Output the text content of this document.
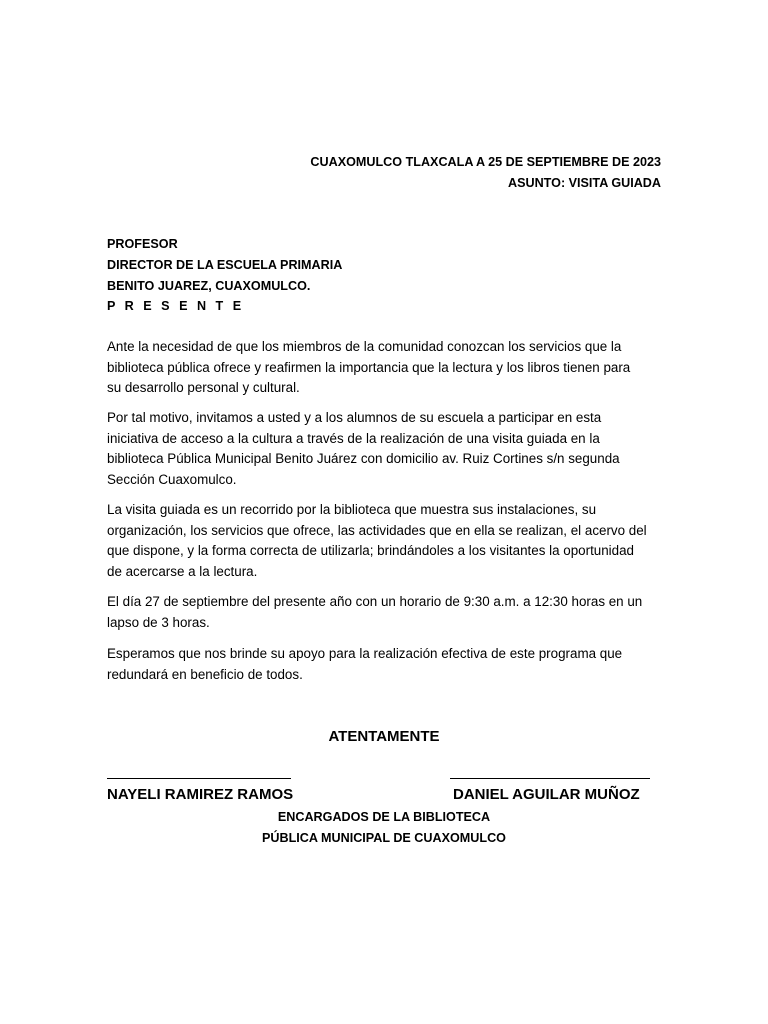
CUAXOMULCO TLAXCALA A 25 DE SEPTIEMBRE DE 2023
ASUNTO: VISITA GUIADA
PROFESOR
DIRECTOR DE LA ESCUELA PRIMARIA
BENITO JUAREZ, CUAXOMULCO.
P R E S E N T E
Ante la necesidad de que los miembros de la comunidad conozcan los servicios que la
biblioteca pública ofrece y reafirmen la importancia que la lectura y los libros tienen para
su desarrollo personal y cultural.
Por tal motivo, invitamos a usted y a los alumnos de su escuela a participar en esta
iniciativa de acceso a la cultura a través de la realización de una visita guiada en la
biblioteca Pública Municipal Benito Juárez con domicilio av. Ruiz Cortines s/n segunda
Sección Cuaxomulco.
La visita guiada es un recorrido por la biblioteca que muestra sus instalaciones, su
organización, los servicios que ofrece, las actividades que en ella se realizan, el acervo del
que dispone, y la forma correcta de utilizarla; brindándoles a los visitantes la oportunidad
de acercarse a la lectura.
El día 27 de septiembre del presente año con un horario de 9:30 a.m. a 12:30 horas en un
lapso de 3 horas.
Esperamos que nos brinde su apoyo para la realización efectiva de este programa que
redundará en beneficio de todos.
ATENTAMENTE
NAYELI RAMIREZ RAMOS	DANIEL AGUILAR MUÑOZ
ENCARGADOS DE LA BIBLIOTECA
PÚBLICA MUNICIPAL DE CUAXOMULCO
